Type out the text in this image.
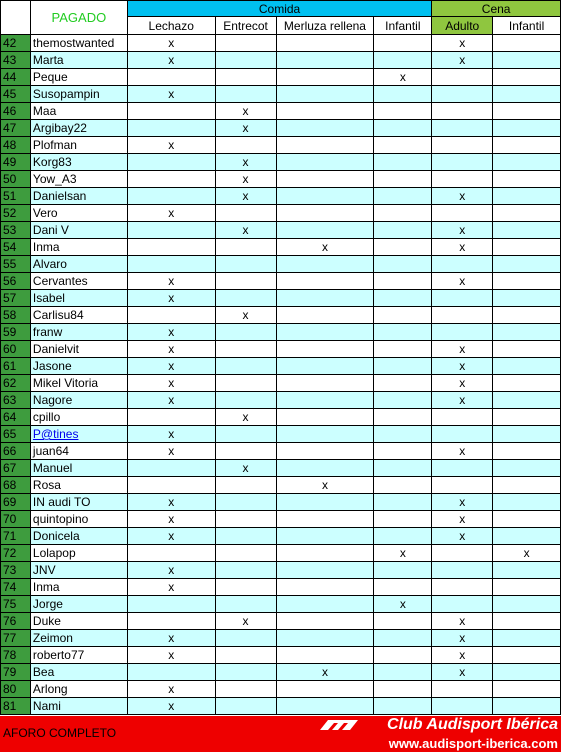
	PAGADO	Comida				Cena	
		Lechazo	Entrecot	Merluza rellena	Infantil	Adulto	Infantil
42	themostwanted	x				x	
43	Marta	x				x	
44	Peque				x		
45	Susopampin	x					
46	Maa		x				
47	Argibay22		x				
48	Plofman	x					
49	Korg83		x				
50	Yow_A3		x				
51	Danielsan		x			x	
52	Vero	x					
53	Dani V		x			x	
54	Inma			x		x	
55	Alvaro						
56	Cervantes	x				x	
57	Isabel	x					
58	Carlisu84		x				
59	franw	x					
60	Danielvit	x				x	
61	Jasone	x				x	
62	Mikel Vitoria	x				x	
63	Nagore	x				x	
64	cpillo		x				
65	P@tines	x					
66	juan64	x				x	
67	Manuel		x				
68	Rosa			x			
69	IN audi TO	x				x	
70	quintopino	x				x	
71	Donicela	x				x	
72	Lolapop				x		x
73	JNV	x					
74	Inma	x					
75	Jorge				x		
76	Duke		x			x	
77	Zeimon	x				x	
78	roberto77	x				x	
79	Bea			x		x	
80	Arlong	x					
81	Nami	x					
AFORO COMPLETO	Club Audisport Ibérica
www.audisport-iberica.com
